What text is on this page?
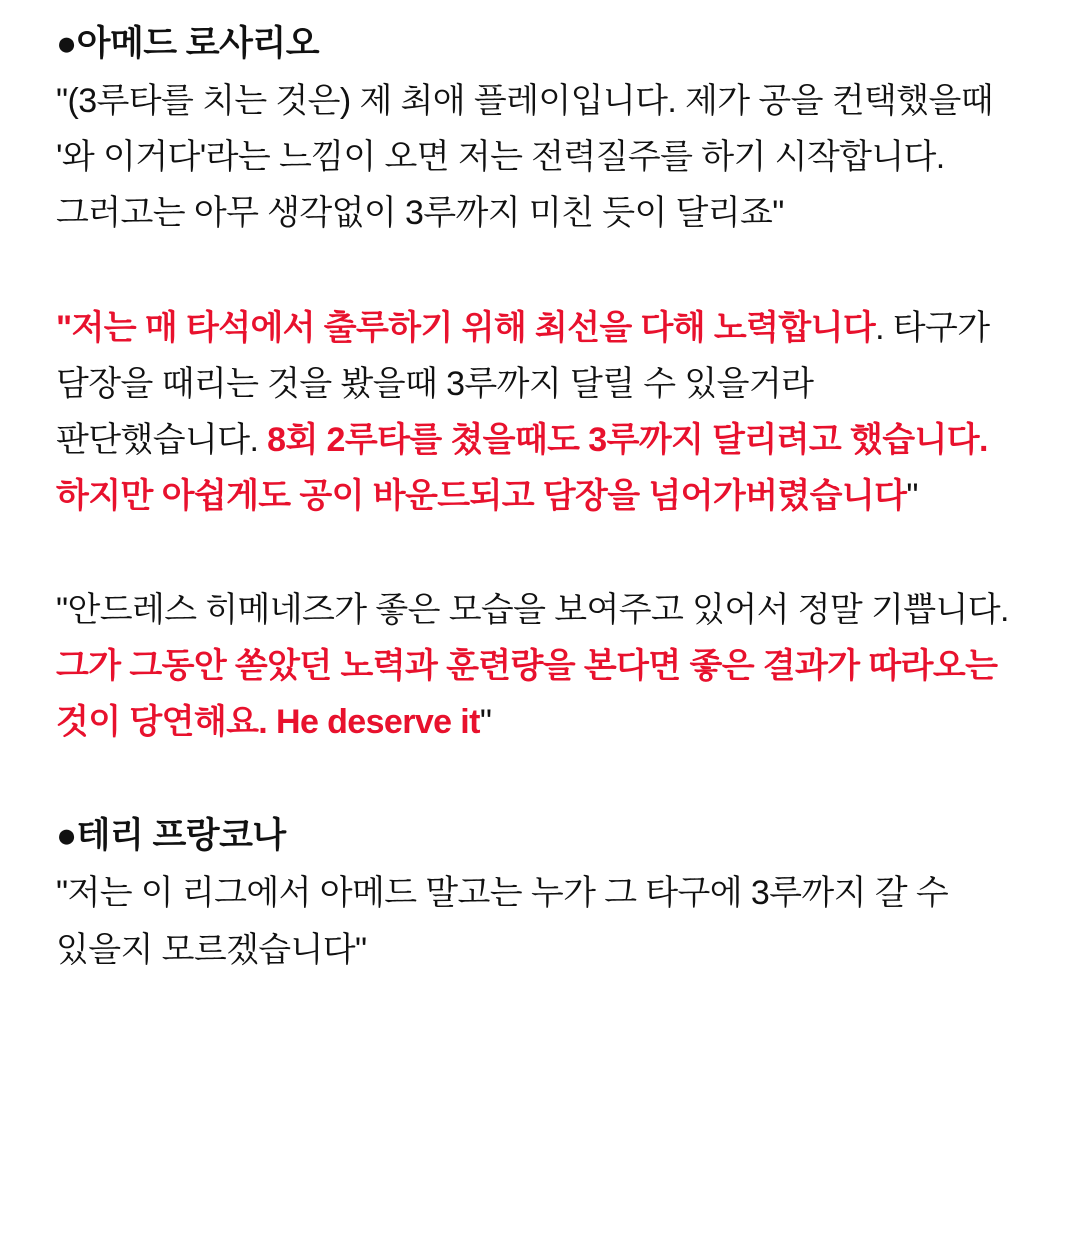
●아메드 로사리오

"(3루타를 치는 것은) 제 최애 플레이입니다. 제가 공을 컨택했을때 '와 이거다'라는 느낌이 오면 저는 전력질주를 하기 시작합니다. 그러고는 아무 생각없이 3루까지 미친 듯이 달리죠"

"저는 매 타석에서 출루하기 위해 최선을 다해 노력합니다. 타구가 담장을 때리는 것을 봤을때 3루까지 달릴 수 있을거라 판단했습니다. 8회 2루타를 쳤을때도 3루까지 달리려고 했습니다. 하지만 아쉽게도 공이 바운드되고 담장을 넘어가버렸습니다"

"안드레스 히메네즈가 좋은 모습을 보여주고 있어서 정말 기쁩니다. 그가 그동안 쏟았던 노력과 훈련량을 본다면 좋은 결과가 따라오는 것이 당연해요. He deserve it"

●테리 프랑코나

"저는 이 리그에서 아메드 말고는 누가 그 타구에 3루까지 갈 수 있을지 모르겠습니다"
